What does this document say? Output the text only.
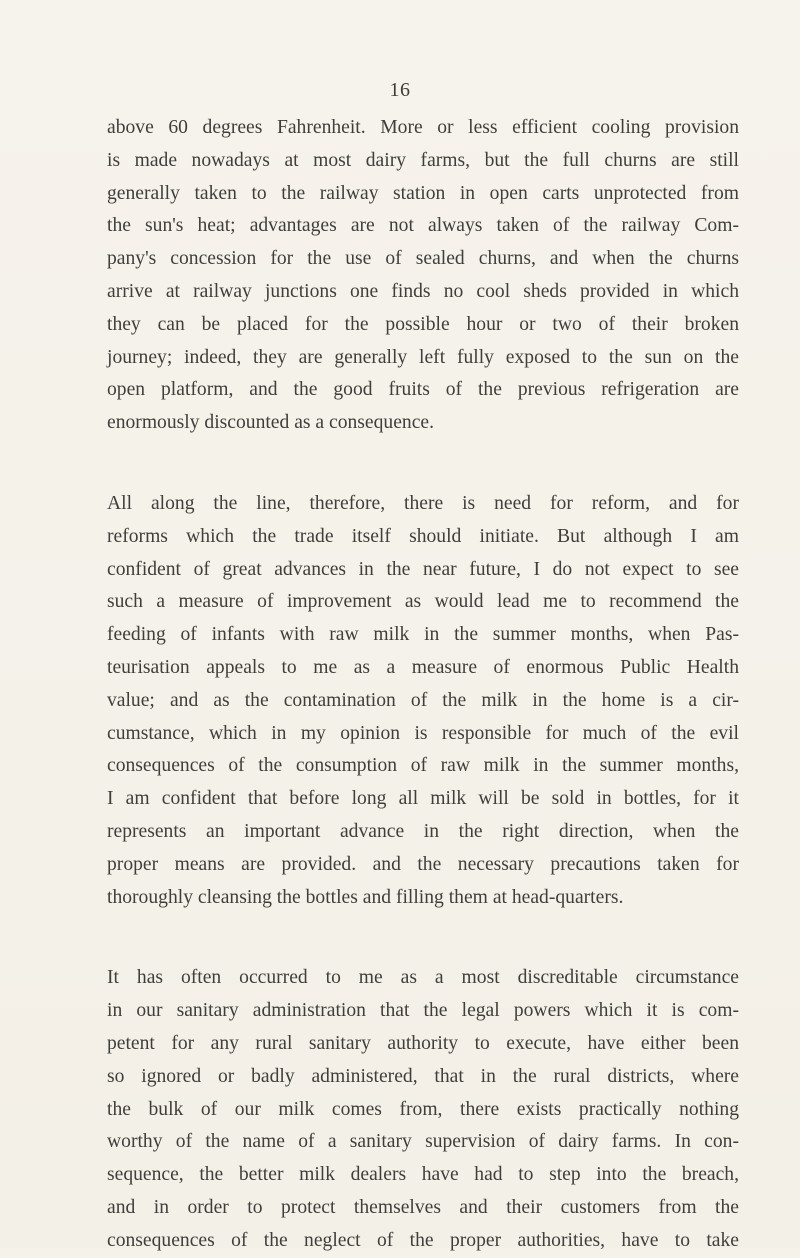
16

above 60 degrees Fahrenheit. More or less efficient cooling provision
is made nowadays at most dairy farms, but the full churns are still
generally taken to the railway station in open carts unprotected from
the sun's heat; advantages are not always taken of the railway Com-
pany's concession for the use of sealed churns, and when the churns
arrive at railway junctions one finds no cool sheds provided in which
they can be placed for the possible hour or two of their broken
journey; indeed, they are generally left fully exposed to the sun on the
open platform, and the good fruits of the previous refrigeration are
enormously discounted as a consequence.

All along the line, therefore, there is need for reform, and for
reforms which the trade itself should initiate. But although I am
confident of great advances in the near future, I do not expect to see
such a measure of improvement as would lead me to recommend the
feeding of infants with raw milk in the summer months, when Pas-
teurisation appeals to me as a measure of enormous Public Health
value; and as the contamination of the milk in the home is a cir-
cumstance, which in my opinion is responsible for much of the evil
consequences of the consumption of raw milk in the summer months,
I am confident that before long all milk will be sold in bottles, for it
represents an important advance in the right direction, when the
proper means are provided. and the necessary precautions taken for
thoroughly cleansing the bottles and filling them at head-quarters.

It has often occurred to me as a most discreditable circumstance
in our sanitary administration that the legal powers which it is com-
petent for any rural sanitary authority to execute, have either been
so ignored or badly administered, that in the rural districts, where
the bulk of our milk comes from, there exists practically nothing
worthy of the name of a sanitary supervision of dairy farms. In con-
sequence, the better milk dealers have had to step into the breach,
and in order to protect themselves and their customers from the
consequences of the neglect of the proper authorities, have to take
